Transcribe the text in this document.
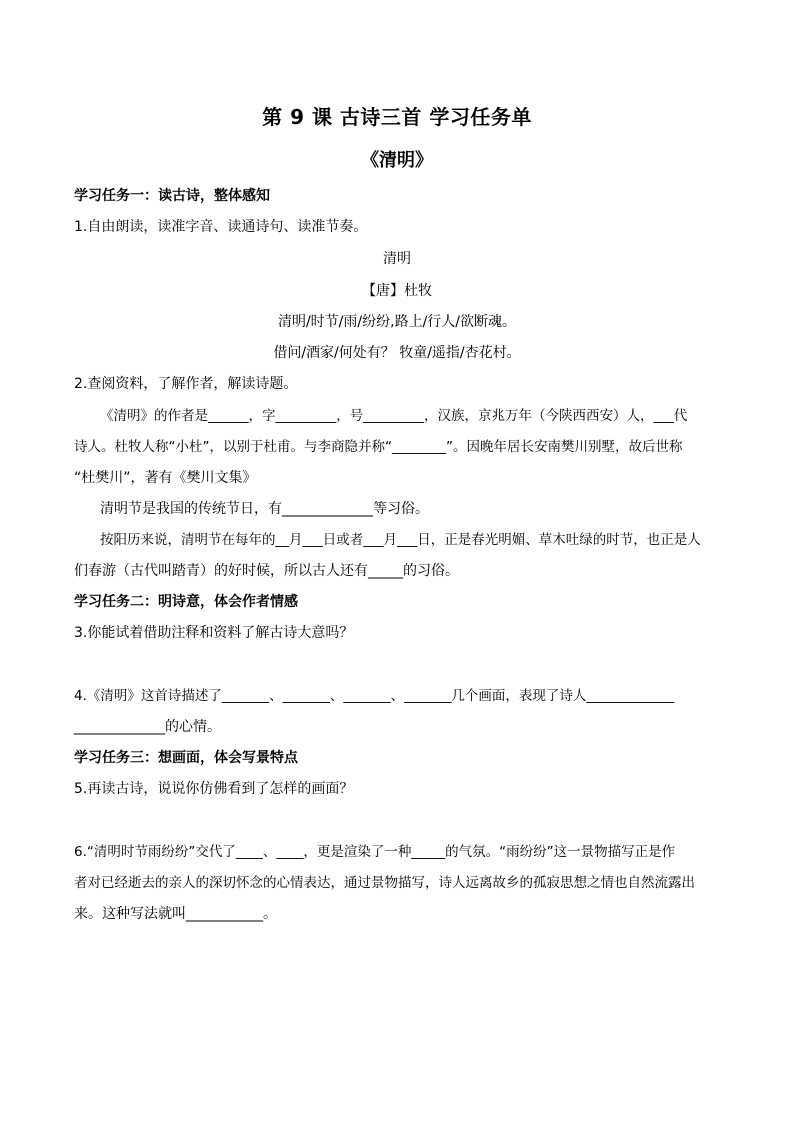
第 9 课 古诗三首 学习任务单
《清明》
学习任务一：读古诗，整体感知
1.自由朗读，读准字音、读通诗句、读准节奏。
清明
【唐】杜牧
清明/时节/雨/纷纷,路上/行人/欲断魂。
借问/酒家/何处有？ 牧童/遥指/杏花村。
2.查阅资料，了解作者，解读诗题。
《清明》的作者是______，字_________，号_________，汉族，京兆万年（今陕西西安）人，___代
诗人。杜牧人称“小杜”，以别于杜甫。与李商隐并称“________”。因晚年居长安南樊川别墅，故后世称
“杜樊川”，著有《樊川文集》
清明节是我国的传统节日，有_____________等习俗。
按阳历来说，清明节在每年的__月___日或者___月___日，正是春光明媚、草木吐绿的时节，也正是人
们春游（古代叫踏青）的好时候，所以古人还有_____的习俗。
学习任务二：明诗意，体会作者情感
3.你能试着借助注释和资料了解古诗大意吗？
4.《清明》这首诗描述了_______、_______、_______、_______几个画面，表现了诗人_____________
_____________的心情。
学习任务三：想画面，体会写景特点
5.再读古诗，说说你仿佛看到了怎样的画面？
6.“清明时节雨纷纷”交代了____、____，更是渲染了一种_____的气氛。“雨纷纷”这一景物描写正是作
者对已经逝去的亲人的深切怀念的心情表达，通过景物描写，诗人远离故乡的孤寂思想之情也自然流露出
来。这种写法就叫___________。
